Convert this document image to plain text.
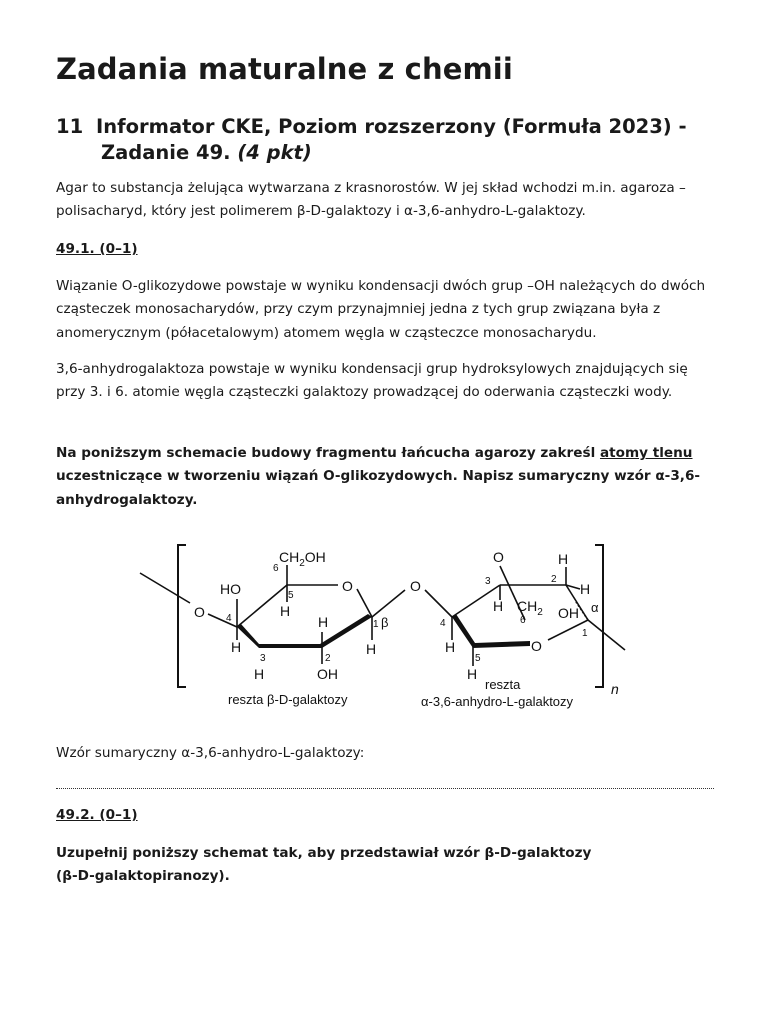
Zadania maturalne z chemii
11 Informator CKE, Poziom rozszerzony (Formuła 2023) -
Zadanie 49. (4 pkt)

Agar to substancja żelująca wytwarzana z krasnorostów. W jej skład wchodzi m.in. agaroza – polisacharyd, który jest polimerem β-D-galaktozy i α-3,6-anhydro-L-galaktozy.

49.1. (0–1)

Wiązanie O-glikozydowe powstaje w wyniku kondensacji dwóch grup –OH należących do dwóch cząsteczek monosacharydów, przy czym przynajmniej jedna z tych grup związana była z anomerycznym (półacetalowym) atomem węgla w cząsteczce monosacharydu.

3,6-anhydrogalaktoza powstaje w wyniku kondensacji grup hydroksylowych znajdujących się przy 3. i 6. atomie węgla cząsteczki galaktozy prowadzącej do oderwania cząsteczki wody.

Na poniższym schemacie budowy fragmentu łańcucha agarozy zakreśl atomy tlenu uczestniczące w tworzeniu wiązań O-glikozydowych. Napisz sumaryczny wzór α-3,6-anhydrogalaktozy.

Wzór sumaryczny α-3,6-anhydro-L-galaktozy:

49.2. (0–1)

Uzupełnij poniższy schemat tak, aby przedstawiał wzór β-D-galaktozy (β-D-galaktopiranozy).

n
$CH_2OH$
6
HO	5
O	O
O 4	H
H	1 β
H
3	2
H
H	OH
O	H
3	2
H
H $CH_2$ OH α
6
4
1
O
H
5
H
reszta β-D-galaktozy
reszta
α-3,6-anhydro-L-galaktozy
